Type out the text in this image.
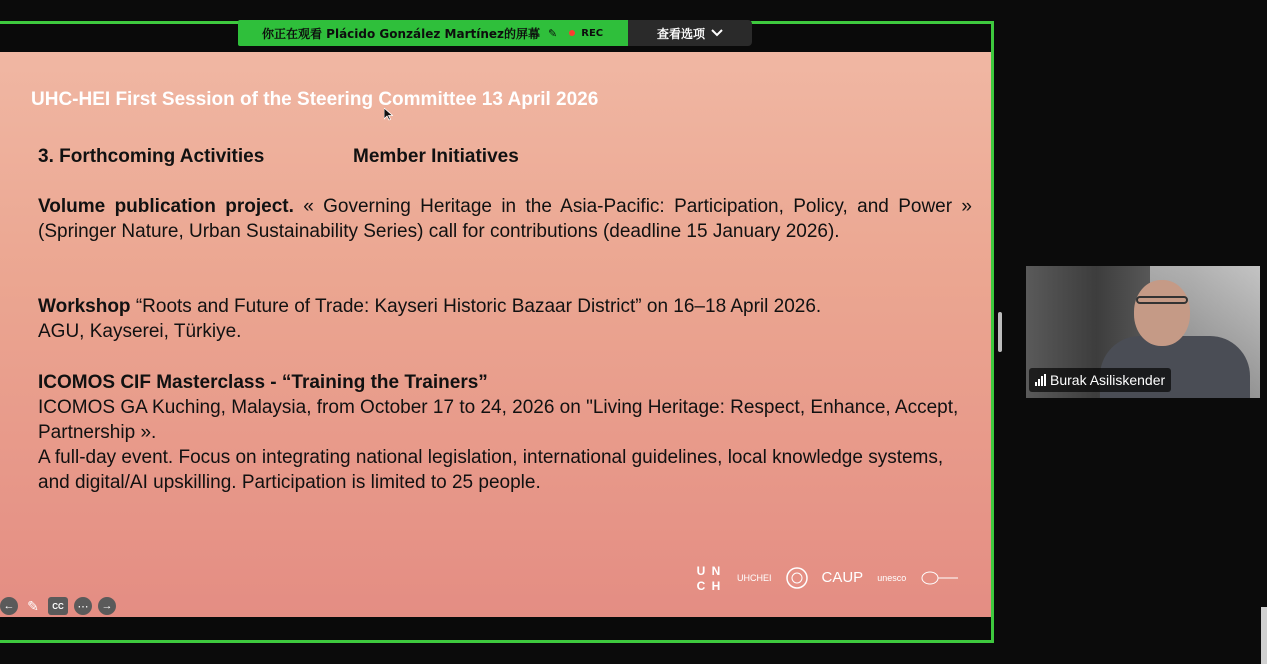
你正在观看 Plácido González Martínez的屏幕 ✎ REC	查看选项
UHC-HEI First Session of the Steering Committee 13 April 2026
3. Forthcoming Activities	Member Initiatives
Volume publication project. « Governing Heritage in the Asia-Pacific: Participation, Policy, and Power » (Springer Nature, Urban Sustainability Series) call for contributions (deadline 15 January 2026).
Workshop “Roots and Future of Trade: Kayseri Historic Bazaar District” on 16–18 April 2026.
AGU, Kayserei, Türkiye.
ICOMOS CIF Masterclass - “Training the Trainers”
ICOMOS GA Kuching, Malaysia, from October 17 to 24, 2026 on "Living Heritage: Respect, Enhance, Accept, Partnership ».
A full-day event. Focus on integrating national legislation, international guidelines, local knowledge systems, and digital/AI upskilling. Participation is limited to 25 people.
U N
C H
UHCHEI	CAUP unesco
← ✎	CC	⋯	→
Burak Asiliskender
